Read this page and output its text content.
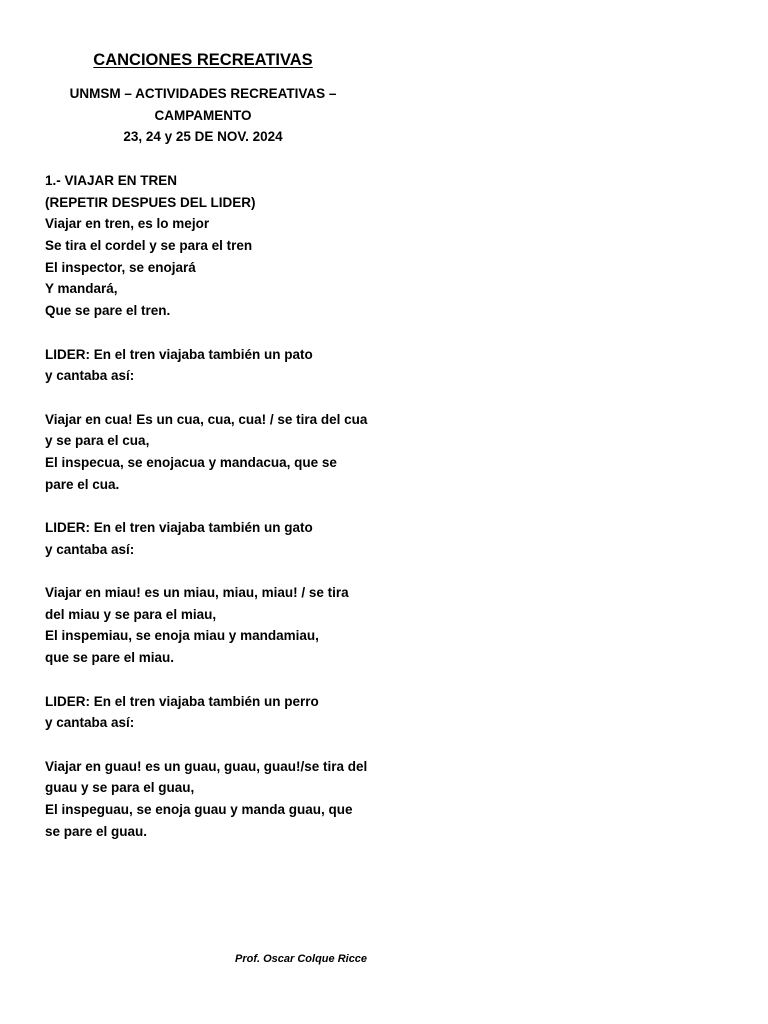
CANCIONES RECREATIVAS
UNMSM – ACTIVIDADES RECREATIVAS –
CAMPAMENTO
23, 24 y 25 DE NOV. 2024
1.- VIAJAR EN TREN
(REPETIR DESPUES DEL LIDER)
Viajar en tren, es lo mejor
Se tira el cordel y se para el tren
El inspector, se enojará
Y mandará,
Que se pare el tren.
LIDER: En el tren viajaba también un pato
y cantaba así:
Viajar en cua! Es un cua, cua, cua! / se tira del cua
y se para el cua,
El inspecua, se enojacua y mandacua, que se
pare el cua.
LIDER: En el tren viajaba también un gato
y cantaba así:
Viajar en miau! es un miau, miau, miau! / se tira
del miau y se para el miau,
El inspemiau, se enoja miau y mandamiau,
que se pare el miau.
LIDER: En el tren viajaba también un perro
y cantaba así:
Viajar en guau! es un guau, guau, guau!/se tira del
guau y se para el guau,
El inspeguau, se enoja guau y manda guau, que
se pare el guau.
Prof. Oscar Colque Ricce
